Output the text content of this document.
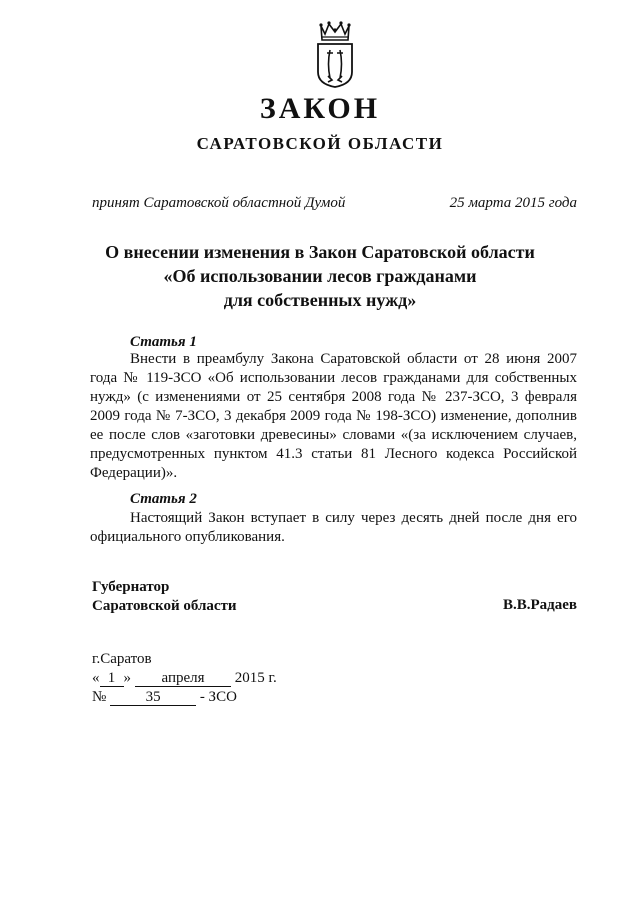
ЗАКОН
САРАТОВСКОЙ ОБЛАСТИ
принят Саратовской областной Думой	25 марта 2015 года
О внесении изменения в Закон Саратовской области
«Об использовании лесов гражданами
для собственных нужд»
Статья 1
Внести в преамбулу Закона Саратовской области от 28 июня 2007 года № 119-ЗСО «Об использовании лесов гражданами для собственных нужд» (с изменениями от 25 сентября 2008 года № 237-ЗСО, 3 февраля 2009 года № 7-ЗСО, 3 декабря 2009 года № 198-ЗСО) изменение, дополнив ее после слов «заготовки древесины» словами «(за исключением случаев, предусмотренных пунктом 41.3 статьи 81 Лесного кодекса Российской Федерации)».
Статья 2
Настоящий Закон вступает в силу через десять дней после дня его официального опубликования.
Губернатор
Саратовской области	В.В.Радаев
г.Саратов
« 1 » апреля 2015 г.
№	35	- ЗСО
